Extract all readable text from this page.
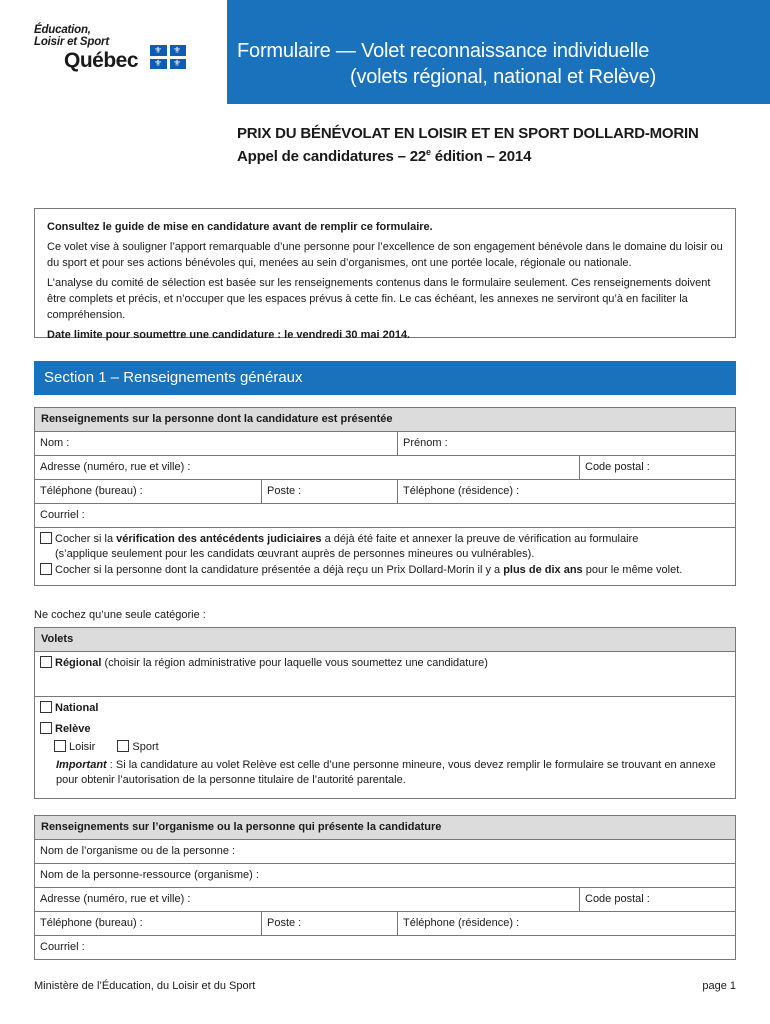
Éducation,
Loisir et Sport
Québec ⚜ ⚜
⚜ ⚜
Formulaire — Volet reconnaissance individuelle
(volets régional, national et Relève)
PRIX DU BÉNÉVOLAT EN LOISIR ET EN SPORT DOLLARD-MORIN
Appel de candidatures – 22e édition – 2014

Consultez le guide de mise en candidature avant de remplir ce formulaire.

Ce volet vise à souligner l’apport remarquable d’une personne pour l’excellence de son engagement bénévole dans le domaine du loisir ou du sport et pour ses actions bénévoles qui, menées au sein d’organismes, ont une portée locale, régionale ou nationale.

L’analyse du comité de sélection est basée sur les renseignements contenus dans le formulaire seulement. Ces renseignements doivent être complets et précis, et n’occuper que les espaces prévus à cette fin. Le cas échéant, les annexes ne serviront qu’à en faciliter la compréhension.

Date limite pour soumettre une candidature : le vendredi 30 mai 2014.

Section 1 – Renseignements généraux
Renseignements sur la personne dont la candidature est présentée
Nom :	Prénom :
Adresse (numéro, rue et ville) :	Code postal :
Téléphone (bureau) :	Poste :	Téléphone (résidence) :
Courriel :
Cocher si la vérification des antécédents judiciaires a déjà été faite et annexer la preuve de vérification au formulaire
(s’applique seulement pour les candidats œuvrant auprès de personnes mineures ou vulnérables).
Cocher si la personne dont la candidature présentée a déjà reçu un Prix Dollard-Morin il y a plus de dix ans pour le même volet.
Ne cochez qu’une seule catégorie :
Volets
Régional (choisir la région administrative pour laquelle vous soumettez une candidature)
National
Relève
Loisir	Sport
Important : Si la candidature au volet Relève est celle d’une personne mineure, vous devez remplir le formulaire se trouvant en annexe
pour obtenir l’autorisation de la personne titulaire de l’autorité parentale.
Renseignements sur l’organisme ou la personne qui présente la candidature
Nom de l’organisme ou de la personne :
Nom de la personne-ressource (organisme) :
Adresse (numéro, rue et ville) :	Code postal :
Téléphone (bureau) :	Poste :	Téléphone (résidence) :
Courriel :
Ministère de l’Éducation, du Loisir et du Sport	page 1
